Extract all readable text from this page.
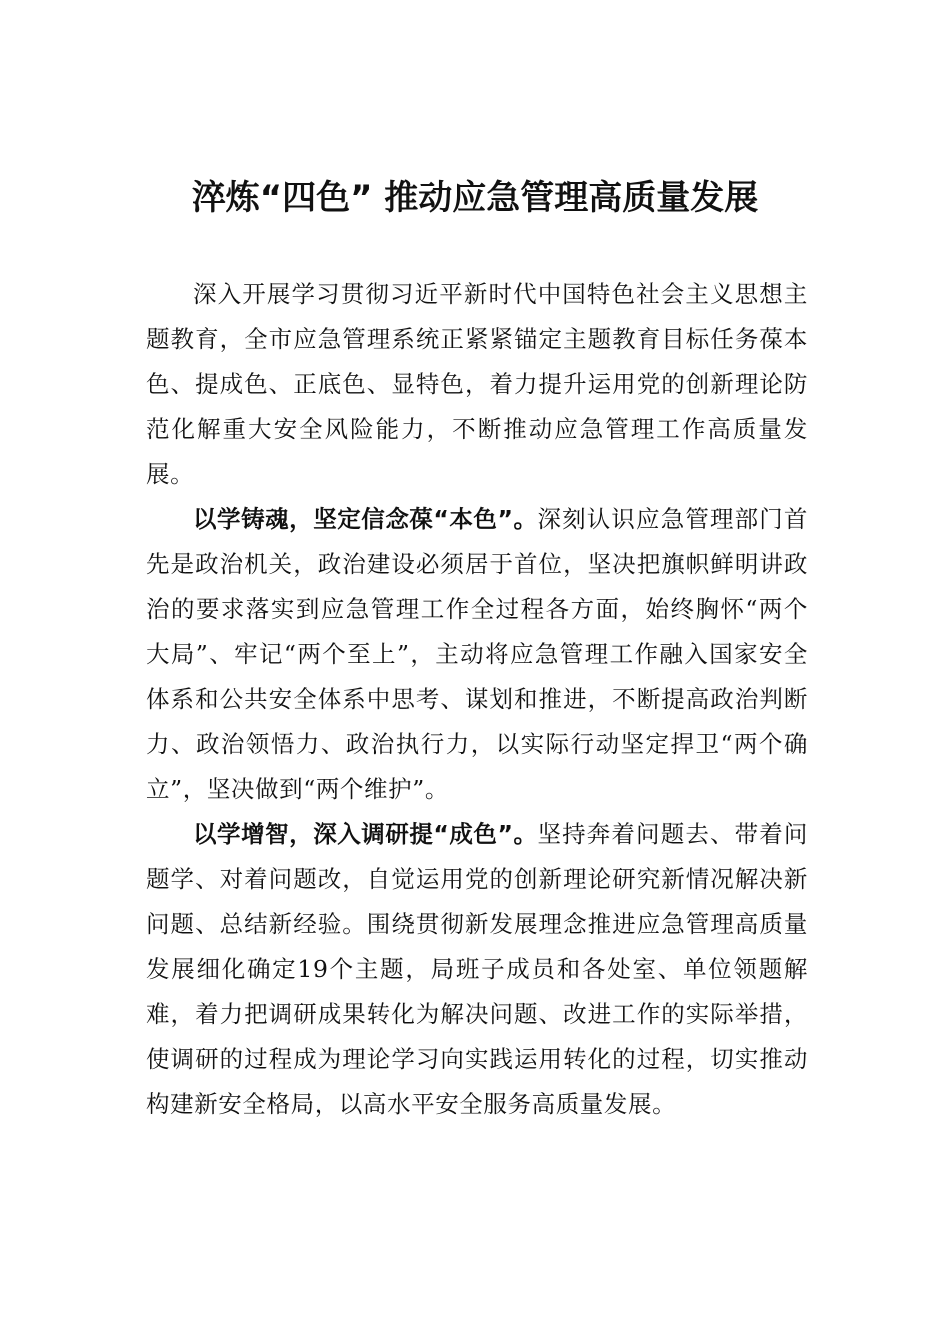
淬炼“四色” 推动应急管理高质量发展

深入开展学习贯彻习近平新时代中国特色社会主义思想主题教育，全市应急管理系统正紧紧锚定主题教育目标任务葆本色、提成色、正底色、显特色，着力提升运用党的创新理论防范化解重大安全风险能力，不断推动应急管理工作高质量发展。

以学铸魂，坚定信念葆“本色”。深刻认识应急管理部门首先是政治机关，政治建设必须居于首位，坚决把旗帜鲜明讲政治的要求落实到应急管理工作全过程各方面，始终胸怀“两个大局”、牢记“两个至上”，主动将应急管理工作融入国家安全体系和公共安全体系中思考、谋划和推进，不断提高政治判断力、政治领悟力、政治执行力，以实际行动坚定捍卫“两个确立”，坚决做到“两个维护”。

以学增智，深入调研提“成色”。坚持奔着问题去、带着问题学、对着问题改，自觉运用党的创新理论研究新情况解决新问题、总结新经验。围绕贯彻新发展理念推进应急管理高质量发展细化确定19个主题，局班子成员和各处室、单位领题解难，着力把调研成果转化为解决问题、改进工作的实际举措，使调研的过程成为理论学习向实践运用转化的过程，切实推动构建新安全格局，以高水平安全服务高质量发展。
